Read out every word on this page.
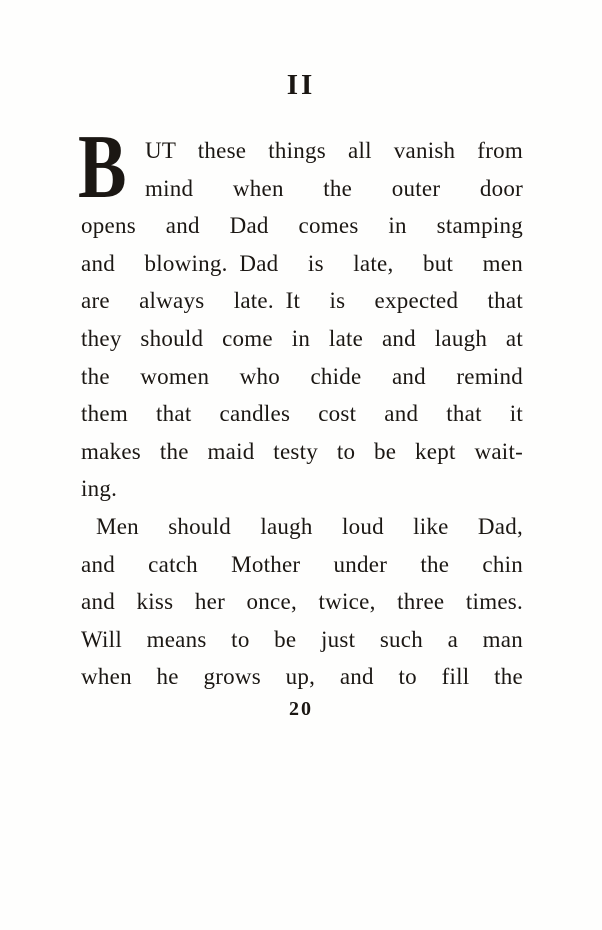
II
B UT these things all vanish from
mind when the outer door
opens and Dad comes in stamping
and blowing. Dad is late, but men
are always late. It is expected that
they should come in late and laugh at
the women who chide and remind
them that candles cost and that it
makes the maid testy to be kept wait-
ing.
Men should laugh loud like Dad,
and catch Mother under the chin
and kiss her once, twice, three times.
Will means to be just such a man
when he grows up, and to fill the
20
